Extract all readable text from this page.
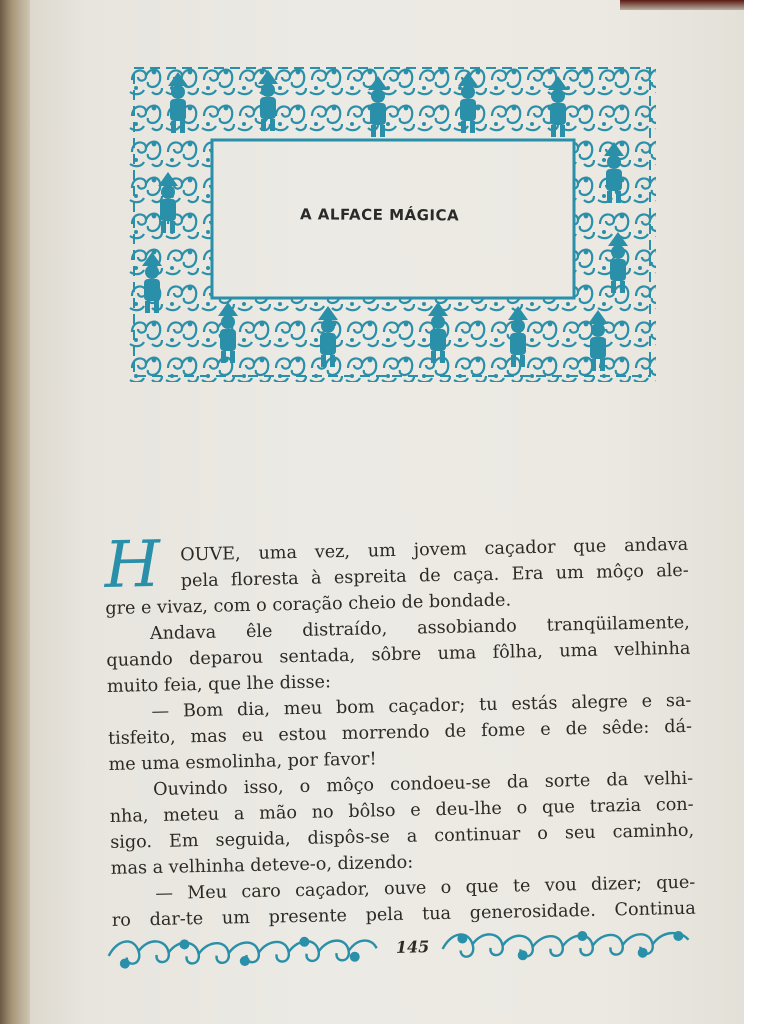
A ALFACE MÁGICA
H	OUVE, uma vez, um jovem caçador que andava

pela floresta à espreita de caça. Era um môço ale-

gre e vivaz, com o coração cheio de bondade.

Andava êle distraído, assobiando tranqüilamente,

quando deparou sentada, sôbre uma fôlha, uma velhinha

muito feia, que lhe disse:

— Bom dia, meu bom caçador; tu estás alegre e sa-

tisfeito, mas eu estou morrendo de fome e de sêde: dá-

me uma esmolinha, por favor!

Ouvindo isso, o môço condoeu-se da sorte da velhi-

nha, meteu a mão no bôlso e deu-lhe o que trazia con-

sigo. Em seguida, dispôs-se a continuar o seu caminho,

mas a velhinha deteve-o, dizendo:

— Meu caro caçador, ouve o que te vou dizer; que-

ro dar-te um presente pela tua generosidade. Continua

145
